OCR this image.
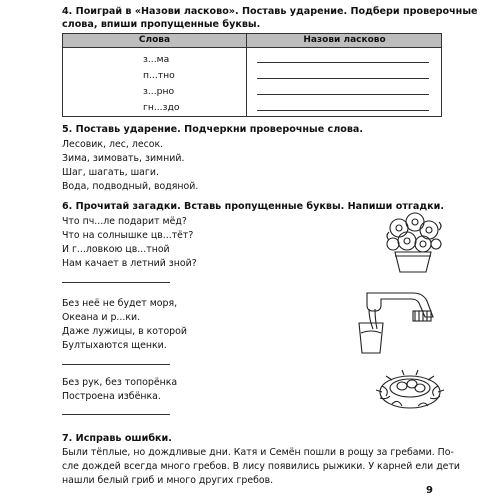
4. Поиграй в «Назови ласково». Поставь ударение. Подбери проверочные
слова, впиши пропущенные буквы.
Слова	Назови ласково
з...ма
п...тно
з...рно
гн...здо
5. Поставь ударение. Подчеркни проверочные слова.
Лесовик, лес, лесок.
Зима, зимовать, зимний.
Шаг, шагать, шаги.
Вода, подводный, водяной.
6. Прочитай загадки. Вставь пропущенные буквы. Напиши отгадки.
Что пч...ле подарит мёд?
Что на солнышке цв...тёт?
И г...ловкою цв...тной
Нам качает в летний зной?
Без неё не будет моря,
Океана и р...ки.
Даже лужицы, в которой
Бултыхаются щенки.
Без рук, без топорёнка
Построена избёнка.
7. Исправь ошибки.
Были тёплые, но дождливые дни. Катя и Семён пошли в рощу за гребами. По-
сле дождей всегда много гребов. В лису появились рыжики. У карней ели дети
нашли белый гриб и много других гребов.
9
